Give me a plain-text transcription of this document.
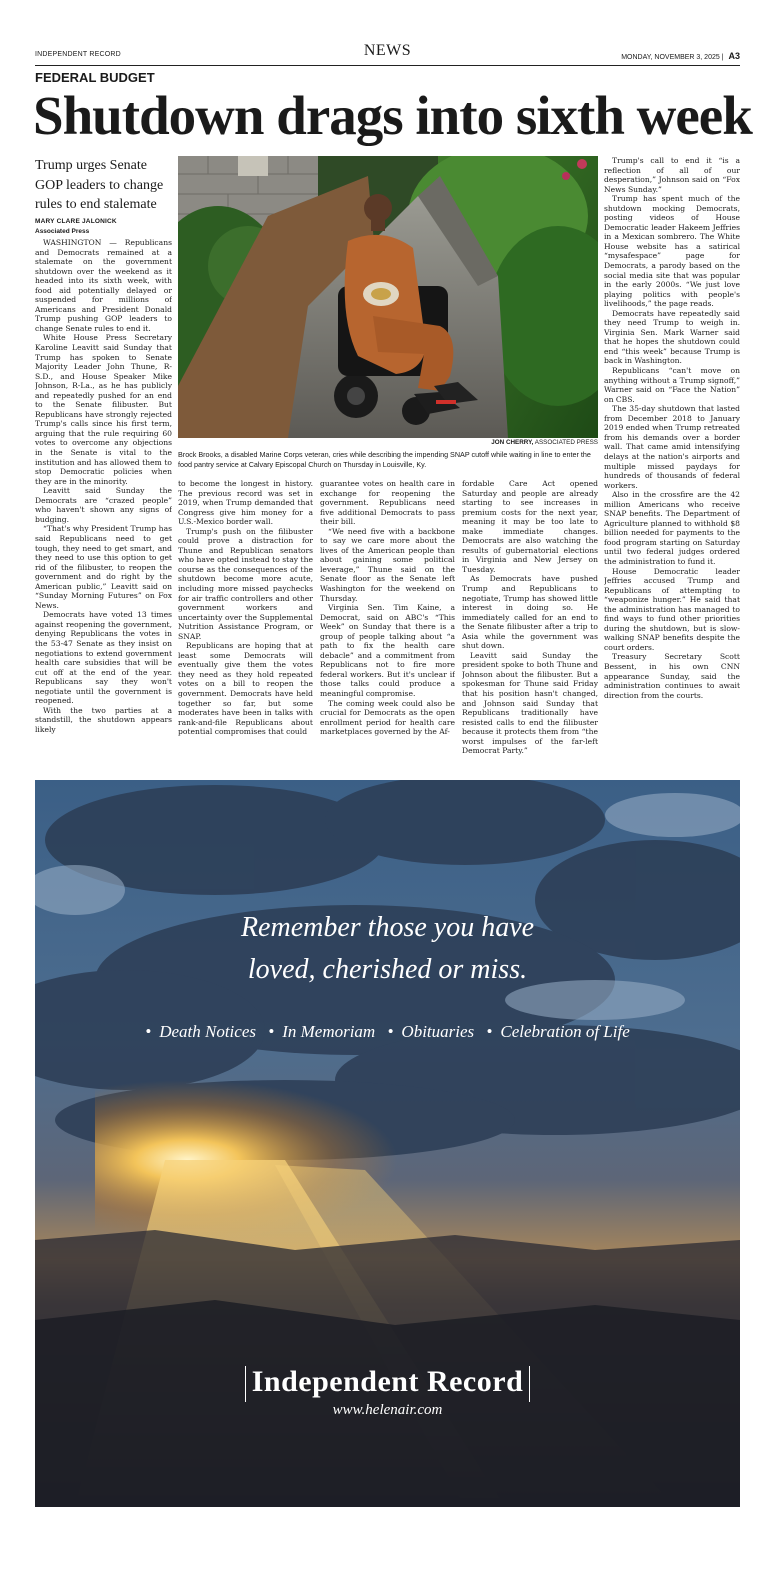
INDEPENDENT RECORD	NEWS	MONDAY, NOVEMBER 3, 2025 | A3
FEDERAL BUDGET
Shutdown drags into sixth week
Trump urges Senate GOP leaders to change rules to end stalemate
MARY CLARE JALONICK
Associated Press

WASHINGTON — Republicans and Democrats remained at a stalemate on the government shutdown over the weekend as it headed into its sixth week, with food aid potentially delayed or suspended for millions of Americans and President Donald Trump pushing GOP leaders to change Senate rules to end it.

White House Press Secretary Karoline Leavitt said Sunday that Trump has spoken to Senate Majority Leader John Thune, R-S.D., and House Speaker Mike Johnson, R-La., as he has publicly and repeatedly pushed for an end to the Senate filibuster. But Republicans have strongly rejected Trump's calls since his first term, arguing that the rule requiring 60 votes to overcome any objections in the Senate is vital to the institution and has allowed them to stop Democratic policies when they are in the minority.

Leavitt said Sunday the Democrats are “crazed people” who haven't shown any signs of budging.

“That's why President Trump has said Republicans need to get tough, they need to get smart, and they need to use this option to get rid of the filibuster, to reopen the government and do right by the American public,” Leavitt said on “Sunday Morning Futures” on Fox News.

Democrats have voted 13 times against reopening the government, denying Republicans the votes in the 53-47 Senate as they insist on negotiations to extend government health care subsidies that will be cut off at the end of the year. Republicans say they won't negotiate until the government is reopened.

With the two parties at a standstill, the shutdown appears likely

JON CHERRY, ASSOCIATED PRESS
Brock Brooks, a disabled Marine Corps veteran, cries while describing the impending SNAP cutoff while waiting in line to enter the food pantry service at Calvary Episcopal Church on Thursday in Louisville, Ky.

to become the longest in history. The previous record was set in 2019, when Trump demanded that Congress give him money for a U.S.-Mexico border wall.

Trump's push on the filibuster could prove a distraction for Thune and Republican senators who have opted instead to stay the course as the consequences of the shutdown become more acute, including more missed paychecks for air traffic controllers and other government workers and uncertainty over the Supplemental Nutrition Assistance Program, or SNAP.

Republicans are hoping that at least some Democrats will eventually give them the votes they need as they hold repeated votes on a bill to reopen the government. Democrats have held together so far, but some moderates have been in talks with rank-and-file Republicans about potential compromises that could

guarantee votes on health care in exchange for reopening the government. Republicans need five additional Democrats to pass their bill.

“We need five with a backbone to say we care more about the lives of the American people than about gaining some political leverage,” Thune said on the Senate floor as the Senate left Washington for the weekend on Thursday.

Virginia Sen. Tim Kaine, a Democrat, said on ABC's “This Week” on Sunday that there is a group of people talking about “a path to fix the health care debacle” and a commitment from Republicans not to fire more federal workers. But it's unclear if those talks could produce a meaningful compromise.

The coming week could also be crucial for Democrats as the open enrollment period for health care marketplaces governed by the Af-

fordable Care Act opened Saturday and people are already starting to see increases in premium costs for the next year, meaning it may be too late to make immediate changes. Democrats are also watching the results of gubernatorial elections in Virginia and New Jersey on Tuesday.

As Democrats have pushed Trump and Republicans to negotiate, Trump has showed little interest in doing so. He immediately called for an end to the Senate filibuster after a trip to Asia while the government was shut down.

Leavitt said Sunday the president spoke to both Thune and Johnson about the filibuster. But a spokesman for Thune said Friday that his position hasn't changed, and Johnson said Sunday that Republicans traditionally have resisted calls to end the filibuster because it protects them from “the worst impulses of the far-left Democrat Party.”

Trump's call to end it “is a reflection of all of our desperation,” Johnson said on “Fox News Sunday.”

Trump has spent much of the shutdown mocking Democrats, posting videos of House Democratic leader Hakeem Jeffries in a Mexican sombrero. The White House website has a satirical “mysafespace” page for Democrats, a parody based on the social media site that was popular in the early 2000s. “We just love playing politics with people's livelihoods,” the page reads.

Democrats have repeatedly said they need Trump to weigh in. Virginia Sen. Mark Warner said that he hopes the shutdown could end “this week” because Trump is back in Washington.

Republicans “can't move on anything without a Trump signoff,” Warner said on “Face the Nation” on CBS.

The 35-day shutdown that lasted from December 2018 to January 2019 ended when Trump retreated from his demands over a border wall. That came amid intensifying delays at the nation's airports and multiple missed paydays for hundreds of thousands of federal workers.

Also in the crossfire are the 42 million Americans who receive SNAP benefits. The Department of Agriculture planned to withhold $8 billion needed for payments to the food program starting on Saturday until two federal judges ordered the administration to fund it.

House Democratic leader Jeffries accused Trump and Republicans of attempting to “weaponize hunger.” He said that the administration has managed to find ways to fund other priorities during the shutdown, but is slow-walking SNAP benefits despite the court orders.

Treasury Secretary Scott Bessent, in his own CNN appearance Sunday, said the administration continues to await direction from the courts.

Remember those you have
loved, cherished or miss.
• Death Notices • In Memoriam • Obituaries • Celebration of Life
Independent Record
www.helenair.com
